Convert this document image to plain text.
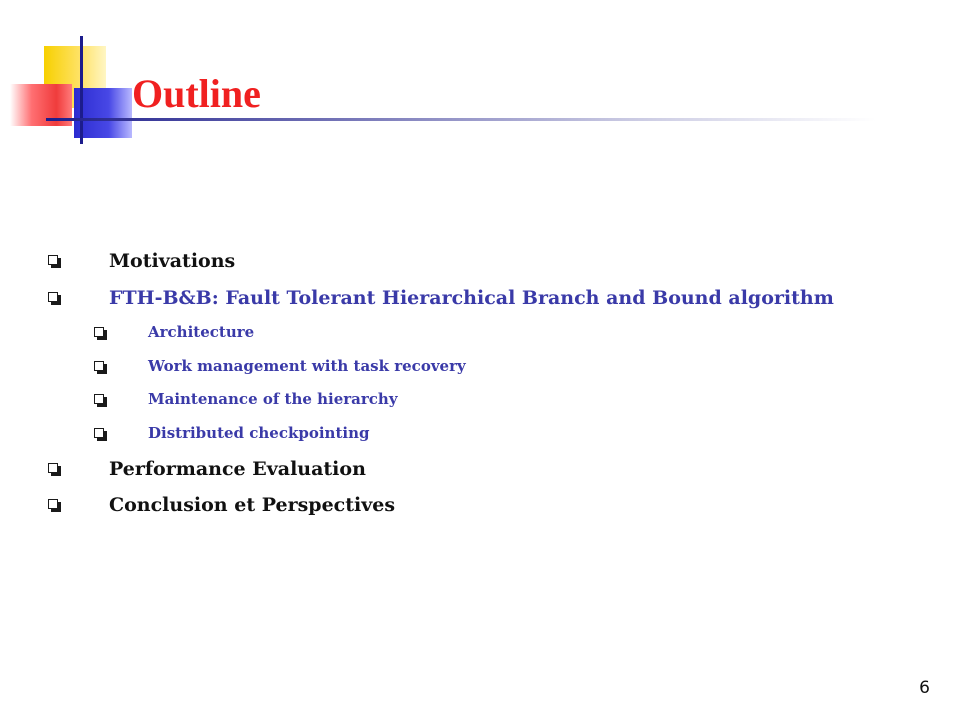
Outline
Motivations
FTH-B&B: Fault Tolerant Hierarchical Branch and Bound algorithm
Architecture
Work management with task recovery
Maintenance of the hierarchy
Distributed checkpointing
Performance Evaluation
Conclusion et Perspectives
6
